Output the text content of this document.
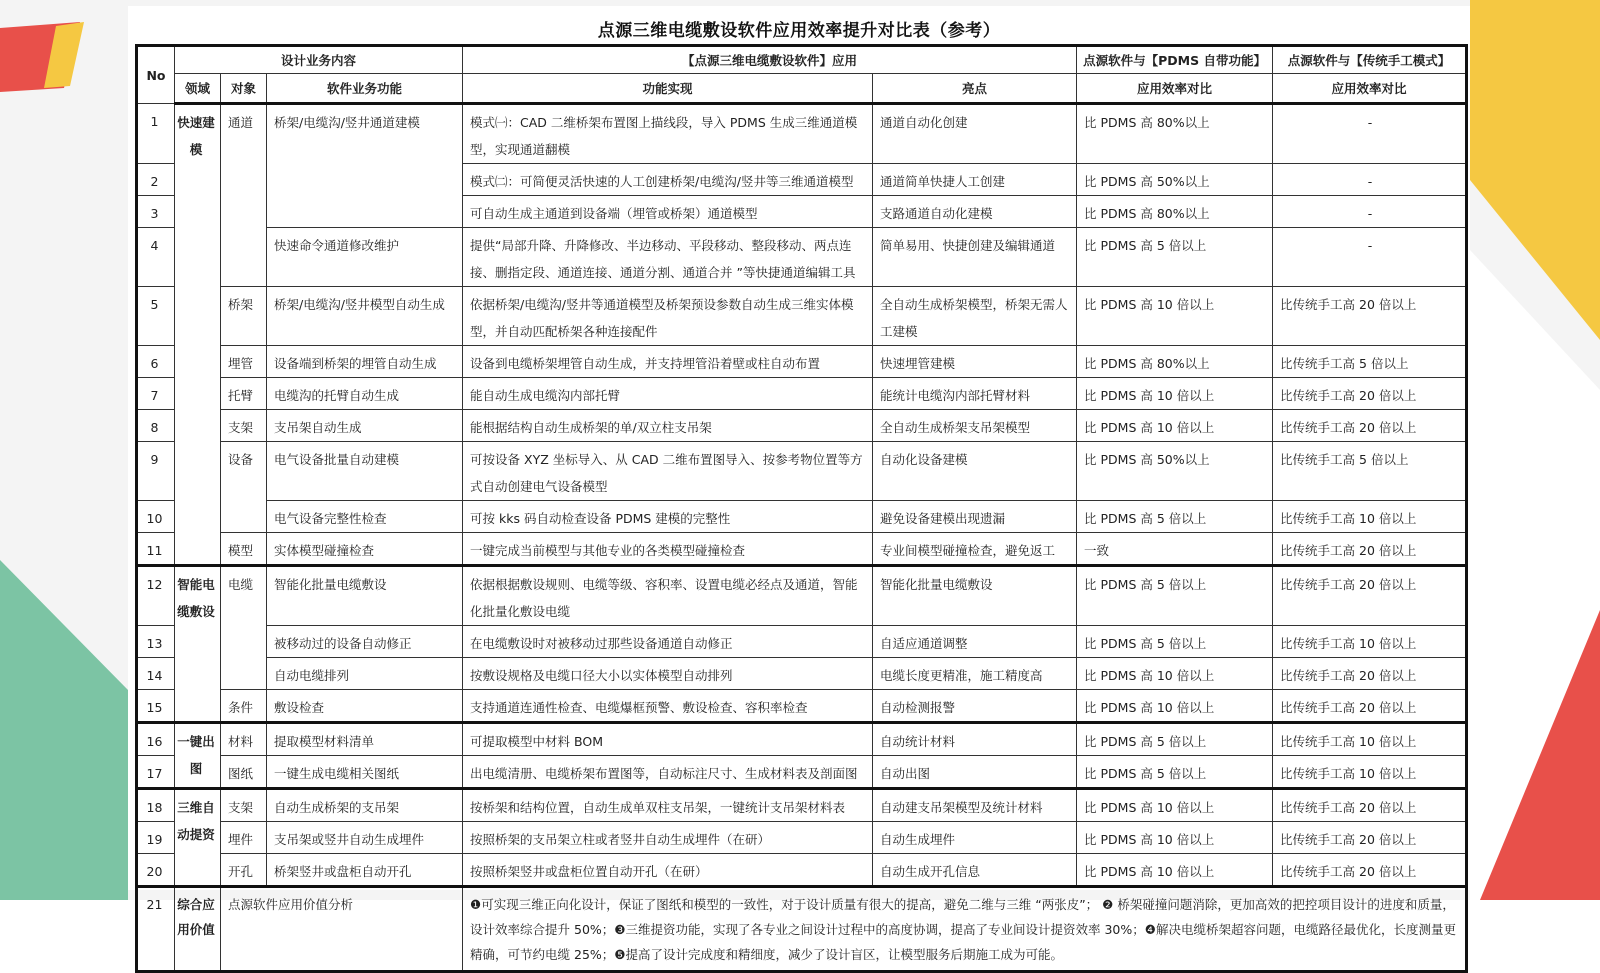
点源三维电缆敷设软件应用效率提升对比表（参考）
No	设计业务内容			【点源三维电缆敷设软件】应用		点源软件与【PDMS 自带功能】	点源软件与【传统手工模式】
	领域	对象	软件业务功能	功能实现	亮点	应用效率对比	应用效率对比
1	快速建模	通道	桥架/电缆沟/竖井通道建模	模式㈠：CAD 二维桥架布置图上描线段，导入 PDMS 生成三维通道模型，实现通道翻模	通道自动化创建	比 PDMS 高 80%以上	-
2				模式㈡：可简便灵活快速的人工创建桥架/电缆沟/竖井等三维通道模型	通道简单快捷人工创建	比 PDMS 高 50%以上	-
3				可自动生成主通道到设备端（埋管或桥架）通道模型	支路通道自动化建模	比 PDMS 高 80%以上	-
4			快速命令通道修改维护	提供“局部升降、升降修改、半边移动、平段移动、整段移动、两点连接、删指定段、通道连接、通道分割、通道合并 ”等快捷通道编辑工具	简单易用、快捷创建及编辑通道	比 PDMS 高 5 倍以上	-
5		桥架	桥架/电缆沟/竖井模型自动生成	依据桥架/电缆沟/竖井等通道模型及桥架预设参数自动生成三维实体模型，并自动匹配桥架各种连接配件	全自动生成桥架模型，桥架无需人工建模	比 PDMS 高 10 倍以上	比传统手工高 20 倍以上
6		埋管	设备端到桥架的埋管自动生成	设备到电缆桥架埋管自动生成，并支持埋管沿着壁或柱自动布置	快速埋管建模	比 PDMS 高 80%以上	比传统手工高 5 倍以上
7		托臂	电缆沟的托臂自动生成	能自动生成电缆沟内部托臂	能统计电缆沟内部托臂材料	比 PDMS 高 10 倍以上	比传统手工高 20 倍以上
8		支架	支吊架自动生成	能根据结构自动生成桥架的单/双立柱支吊架	全自动生成桥架支吊架模型	比 PDMS 高 10 倍以上	比传统手工高 20 倍以上
9		设备	电气设备批量自动建模	可按设备 XYZ 坐标导入、从 CAD 二维布置图导入、按参考物位置等方式自动创建电气设备模型	自动化设备建模	比 PDMS 高 50%以上	比传统手工高 5 倍以上
10			电气设备完整性检查	可按 kks 码自动检查设备 PDMS 建模的完整性	避免设备建模出现遗漏	比 PDMS 高 5 倍以上	比传统手工高 10 倍以上
11		模型	实体模型碰撞检查	一键完成当前模型与其他专业的各类模型碰撞检查	专业间模型碰撞检查，避免返工	一致	比传统手工高 20 倍以上
12	智能电缆敷设	电缆	智能化批量电缆敷设	依据根据敷设规则、电缆等级、容积率、设置电缆必经点及通道，智能化批量化敷设电缆	智能化批量电缆敷设	比 PDMS 高 5 倍以上	比传统手工高 20 倍以上
13			被移动过的设备自动修正	在电缆敷设时对被移动过那些设备通道自动修正	自适应通道调整	比 PDMS 高 5 倍以上	比传统手工高 10 倍以上
14			自动电缆排列	按敷设规格及电缆口径大小以实体模型自动排列	电缆长度更精准，施工精度高	比 PDMS 高 10 倍以上	比传统手工高 20 倍以上
15		条件	敷设检查	支持通道连通性检查、电缆爆框预警、敷设检查、容积率检查	自动检测报警	比 PDMS 高 10 倍以上	比传统手工高 20 倍以上
16	一键出图	材料	提取模型材料清单	可提取模型中材料 BOM	自动统计材料	比 PDMS 高 5 倍以上	比传统手工高 10 倍以上
17		图纸	一键生成电缆相关图纸	出电缆清册、电缆桥架布置图等，自动标注尺寸、生成材料表及剖面图	自动出图	比 PDMS 高 5 倍以上	比传统手工高 10 倍以上
18	三维自动提资	支架	自动生成桥架的支吊架	按桥架和结构位置，自动生成单双柱支吊架，一键统计支吊架材料表	自动建支吊架模型及统计材料	比 PDMS 高 10 倍以上	比传统手工高 20 倍以上
19		埋件	支吊架或竖井自动生成埋件	按照桥架的支吊架立柱或者竖井自动生成埋件（在研）	自动生成埋件	比 PDMS 高 10 倍以上	比传统手工高 20 倍以上
20		开孔	桥架竖井或盘柜自动开孔	按照桥架竖井或盘柜位置自动开孔（在研）	自动生成开孔信息	比 PDMS 高 10 倍以上	比传统手工高 20 倍以上
21	综合应用价值	点源软件应用价值分析		❶可实现三维正向化设计，保证了图纸和模型的一致性，对于设计质量有很大的提高，避免二维与三维 “两张皮”； ❷ 桥架碰撞问题消除，更加高效的把控项目设计的进度和质量，设计效率综合提升 50%；❸三维提资功能，实现了各专业之间设计过程中的高度协调，提高了专业间设计提资效率 30%；❹解决电缆桥架超容问题，电缆路径最优化，长度测量更精确，可节约电缆 25%；❺提高了设计完成度和精细度，减少了设计盲区，让模型服务后期施工成为可能。			
